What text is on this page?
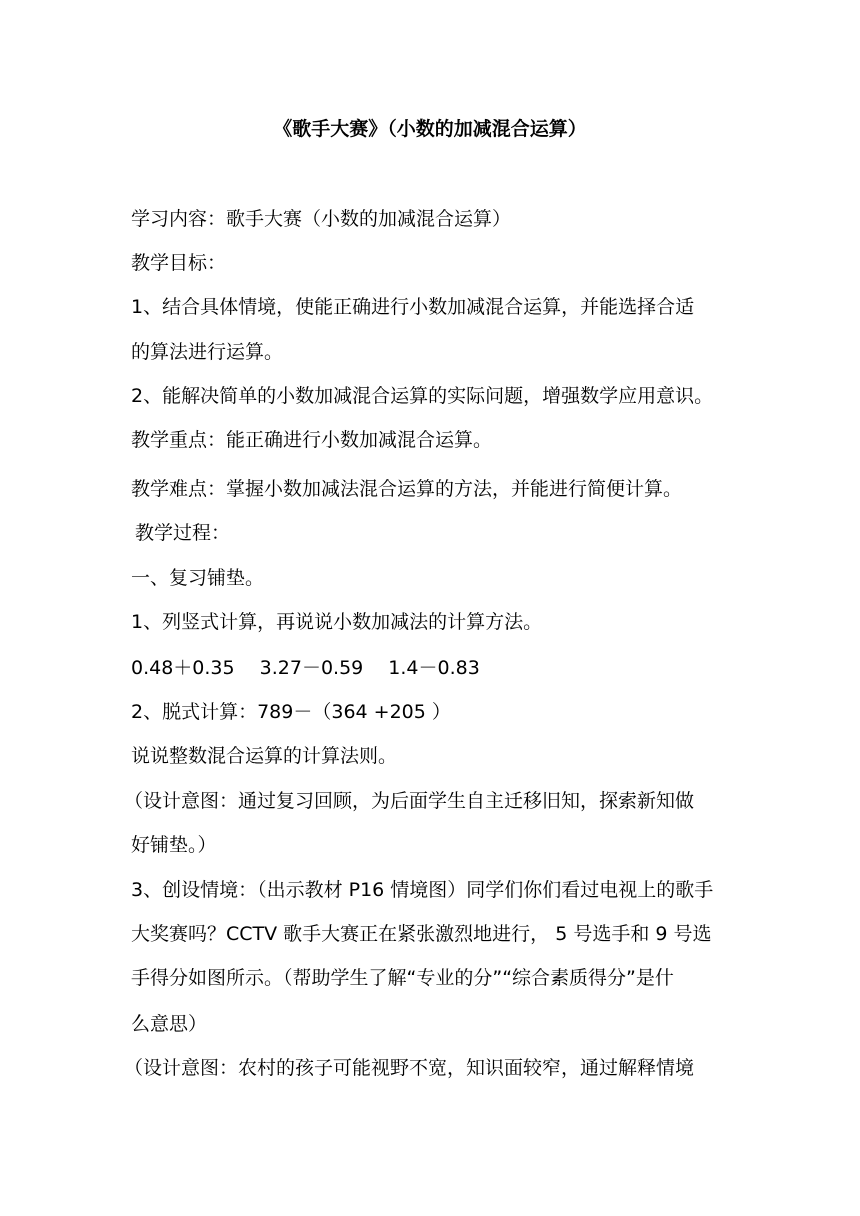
《歌手大赛》（小数的加减混合运算）
学习内容：歌手大赛（小数的加减混合运算）
教学目标：
1、结合具体情境，使能正确进行小数加减混合运算，并能选择合适
的算法进行运算。
2、能解决简单的小数加减混合运算的实际问题，增强数学应用意识。
教学重点：能正确进行小数加减混合运算。
教学难点：掌握小数加减法混合运算的方法，并能进行简便计算。
教学过程：
一、复习铺垫。
1、列竖式计算，再说说小数加减法的计算方法。
0.48＋0.35　 3.27－0.59　 1.4－0.83
2、脱式计算：789－（364 +205 ）
说说整数混合运算的计算法则。
（设计意图：通过复习回顾，为后面学生自主迁移旧知，探索新知做
好铺垫。）
3、创设情境：（出示教材 P16 情境图）同学们你们看过电视上的歌手
大奖赛吗？CCTV 歌手大赛正在紧张激烈地进行， 5 号选手和 9 号选
手得分如图所示。（帮助学生了解“专业的分”“综合素质得分”是什
么意思）
（设计意图：农村的孩子可能视野不宽，知识面较窄，通过解释情境
